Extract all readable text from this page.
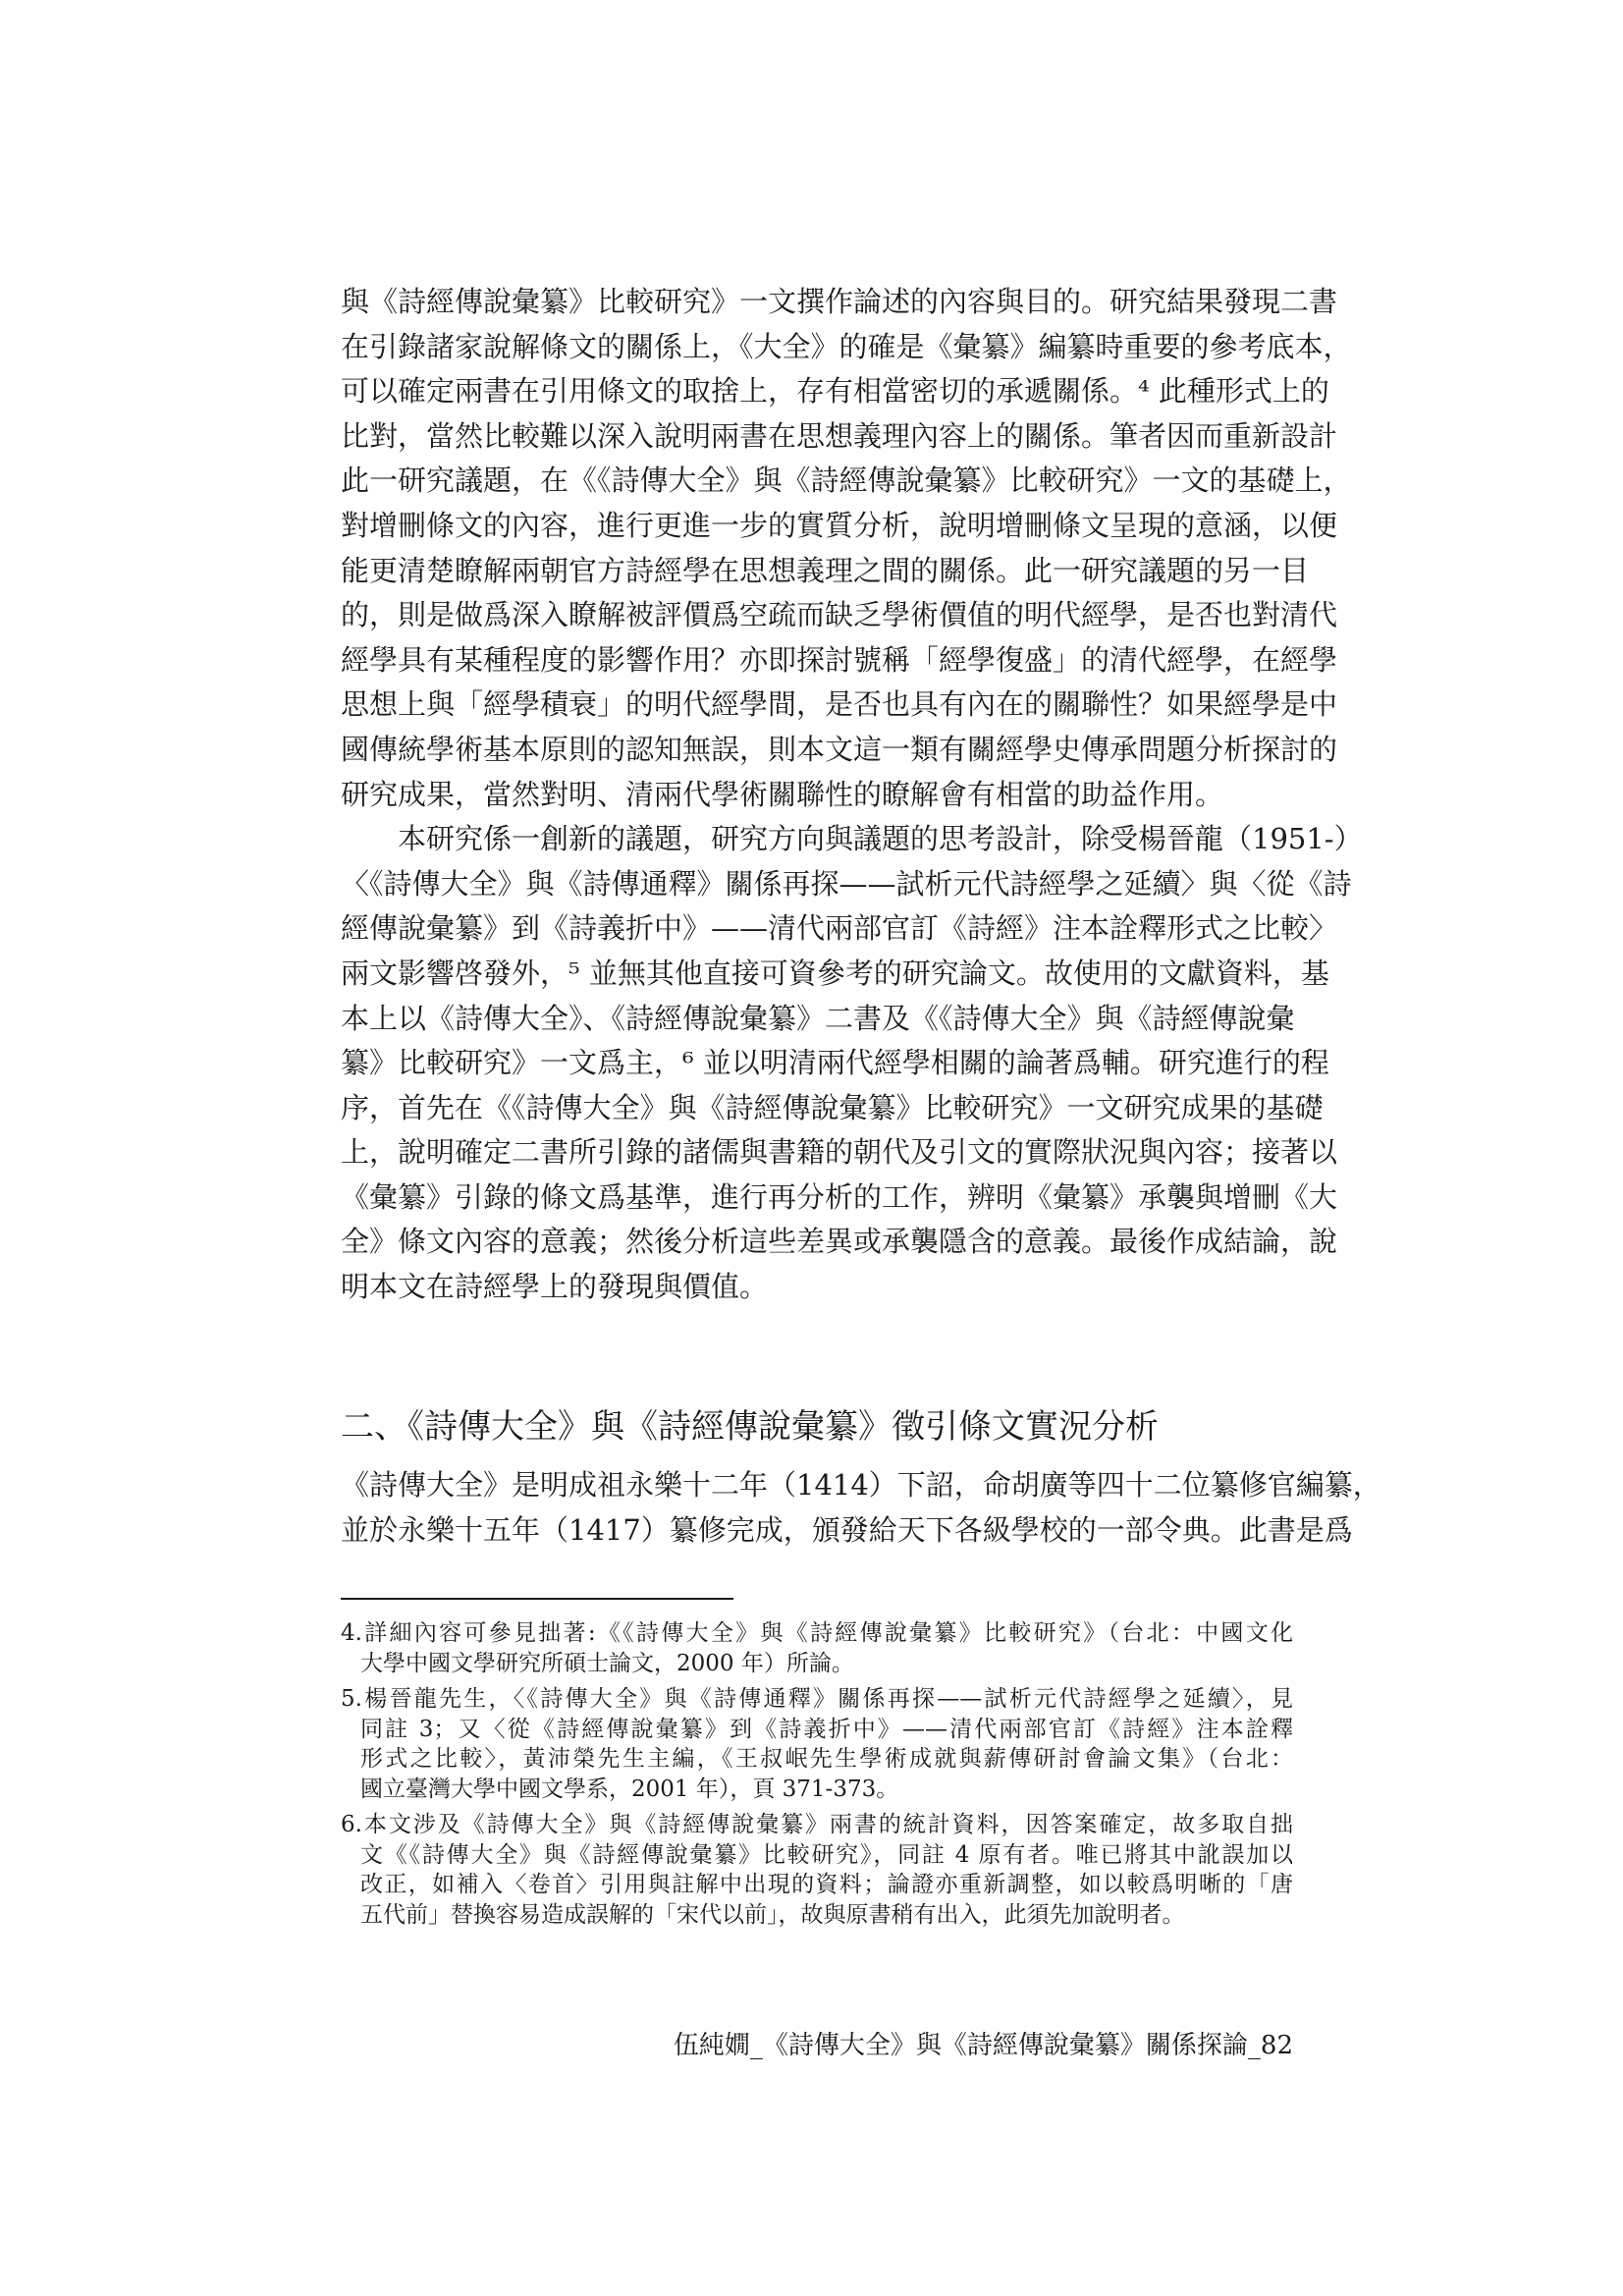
與《詩經傳說彙纂》比較研究》一文撰作論述的內容與目的。研究結果發現二書
在引錄諸家說解條文的關係上，《大全》的確是《彙纂》編纂時重要的參考底本，
可以確定兩書在引用條文的取捨上，存有相當密切的承遞關係。⁴ 此種形式上的
比對，當然比較難以深入說明兩書在思想義理內容上的關係。筆者因而重新設計
此一研究議題，在《《詩傳大全》與《詩經傳說彙纂》比較研究》一文的基礎上，
對增刪條文的內容，進行更進一步的實質分析，說明增刪條文呈現的意涵，以便
能更清楚瞭解兩朝官方詩經學在思想義理之間的關係。此一研究議題的另一目
的，則是做爲深入瞭解被評價爲空疏而缺乏學術價值的明代經學，是否也對清代
經學具有某種程度的影響作用？亦即探討號稱「經學復盛」的清代經學，在經學
思想上與「經學積衰」的明代經學間，是否也具有內在的關聯性？如果經學是中
國傳統學術基本原則的認知無誤，則本文這一類有關經學史傳承問題分析探討的
研究成果，當然對明、清兩代學術關聯性的瞭解會有相當的助益作用。
本研究係一創新的議題，研究方向與議題的思考設計，除受楊晉龍（1951-）
〈《詩傳大全》與《詩傳通釋》關係再探——試析元代詩經學之延續〉與〈從《詩
經傳說彙纂》到《詩義折中》——清代兩部官訂《詩經》注本詮釋形式之比較〉
兩文影響啓發外，⁵ 並無其他直接可資參考的研究論文。故使用的文獻資料，基
本上以《詩傳大全》、《詩經傳說彙纂》二書及《《詩傳大全》與《詩經傳說彙
纂》比較研究》一文爲主，⁶ 並以明清兩代經學相關的論著爲輔。研究進行的程
序，首先在《《詩傳大全》與《詩經傳說彙纂》比較研究》一文研究成果的基礎
上，說明確定二書所引錄的諸儒與書籍的朝代及引文的實際狀況與內容；接著以
《彙纂》引錄的條文爲基準，進行再分析的工作，辨明《彙纂》承襲與增刪《大
全》條文內容的意義；然後分析這些差異或承襲隱含的意義。最後作成結論，說
明本文在詩經學上的發現與價值。
二、《詩傳大全》與《詩經傳說彙纂》徵引條文實況分析
《詩傳大全》是明成祖永樂十二年（1414）下詔，命胡廣等四十二位纂修官編纂，
並於永樂十五年（1417）纂修完成，頒發給天下各級學校的一部令典。此書是爲
4.詳細內容可參見拙著:《《詩傳大全》與《詩經傳說彙纂》比較研究》（台北：中國文化
大學中國文學研究所碩士論文，2000 年）所論。
5.楊晉龍先生，〈《詩傳大全》與《詩傳通釋》關係再探——試析元代詩經學之延續〉，見
同註 3；又〈從《詩經傳說彙纂》到《詩義折中》——清代兩部官訂《詩經》注本詮釋
形式之比較〉，黃沛榮先生主編，《王叔岷先生學術成就與薪傳研討會論文集》（台北：
國立臺灣大學中國文學系，2001 年），頁 371-373。
6.本文涉及《詩傳大全》與《詩經傳說彙纂》兩書的統計資料，因答案確定，故多取自拙
文《《詩傳大全》與《詩經傳說彙纂》比較研究》，同註 4 原有者。唯已將其中訛誤加以
改正，如補入〈卷首〉引用與註解中出現的資料；論證亦重新調整，如以較爲明晰的「唐
五代前」替換容易造成誤解的「宋代以前」，故與原書稍有出入，此須先加說明者。
伍純嫺_《詩傳大全》與《詩經傳說彙纂》關係探論_82
